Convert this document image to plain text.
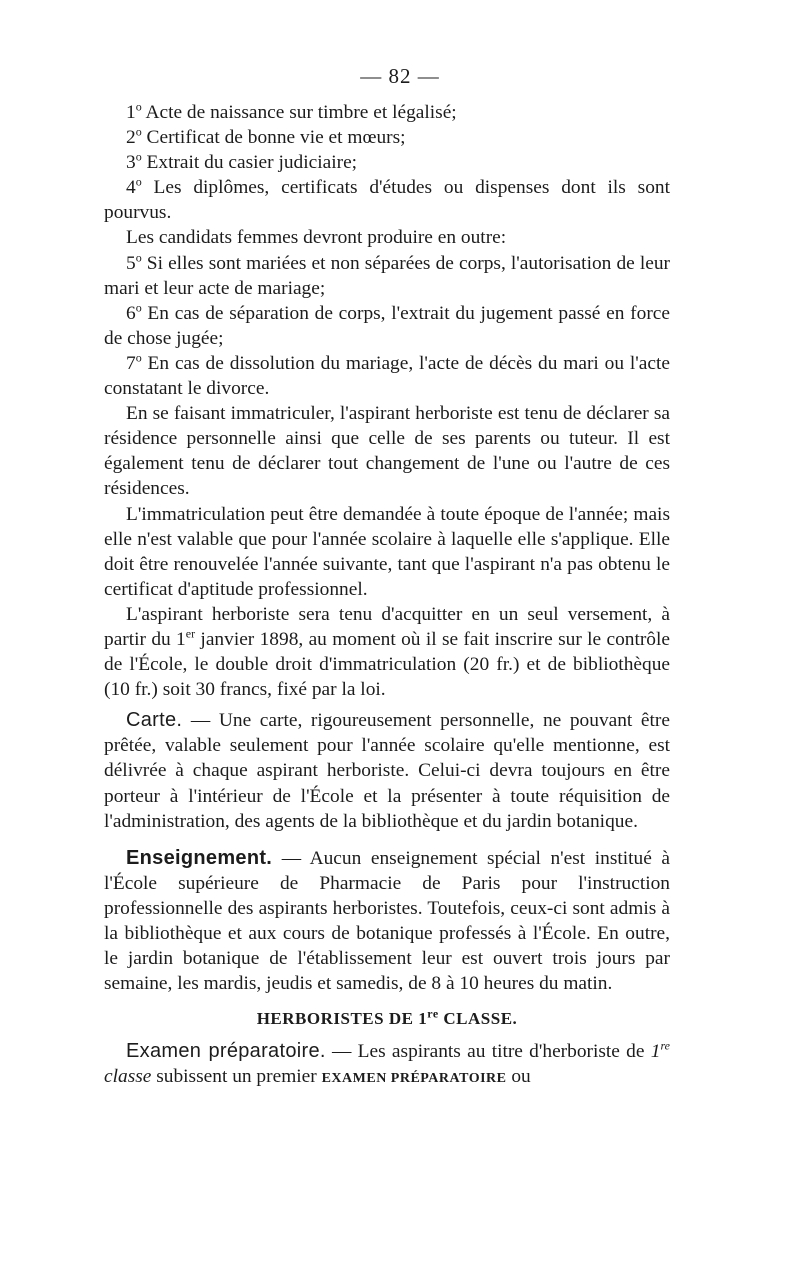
— 82 —

1$^o$ Acte de naissance sur timbre et légalisé;

2$^o$ Certificat de bonne vie et mœurs;

3$^o$ Extrait du casier judiciaire;

4$^o$ Les diplômes, certificats d'études ou dispenses dont ils sont pourvus.

Les candidats femmes devront produire en outre:

5$^o$ Si elles sont mariées et non séparées de corps, l'autorisation de leur mari et leur acte de mariage;

6$^o$ En cas de séparation de corps, l'extrait du jugement passé en force de chose jugée;

7$^o$ En cas de dissolution du mariage, l'acte de décès du mari ou l'acte constatant le divorce.

En se faisant immatriculer, l'aspirant herboriste est tenu de déclarer sa résidence personnelle ainsi que celle de ses parents ou tuteur. Il est également tenu de déclarer tout changement de l'une ou l'autre de ces résidences.

L'immatriculation peut être demandée à toute époque de l'année; mais elle n'est valable que pour l'année scolaire à laquelle elle s'applique. Elle doit être renouvelée l'année suivante, tant que l'aspirant n'a pas obtenu le certificat d'aptitude professionnel.

L'aspirant herboriste sera tenu d'acquitter en un seul versement, à partir du 1er janvier 1898, au moment où il se fait inscrire sur le contrôle de l'École, le double droit d'immatriculation (20 fr.) et de bibliothèque (10 fr.) soit 30 francs, fixé par la loi.

Carte. — Une carte, rigoureusement personnelle, ne pouvant être prêtée, valable seulement pour l'année scolaire qu'elle mentionne, est délivrée à chaque aspirant herboriste. Celui-ci devra toujours en être porteur à l'intérieur de l'École et la présenter à toute réquisition de l'administration, des agents de la bibliothèque et du jardin botanique.

Enseignement. — Aucun enseignement spécial n'est institué à l'École supérieure de Pharmacie de Paris pour l'instruction professionnelle des aspirants herboristes. Toutefois, ceux-ci sont admis à la bibliothèque et aux cours de botanique professés à l'École. En outre, le jardin botanique de l'établissement leur est ouvert trois jours par semaine, les mardis, jeudis et samedis, de 8 à 10 heures du matin.

HERBORISTES DE 1re CLASSE.

Examen préparatoire. — Les aspirants au titre d'herboriste de 1re classe subissent un premier EXAMEN PRÉPARATOIRE ou
